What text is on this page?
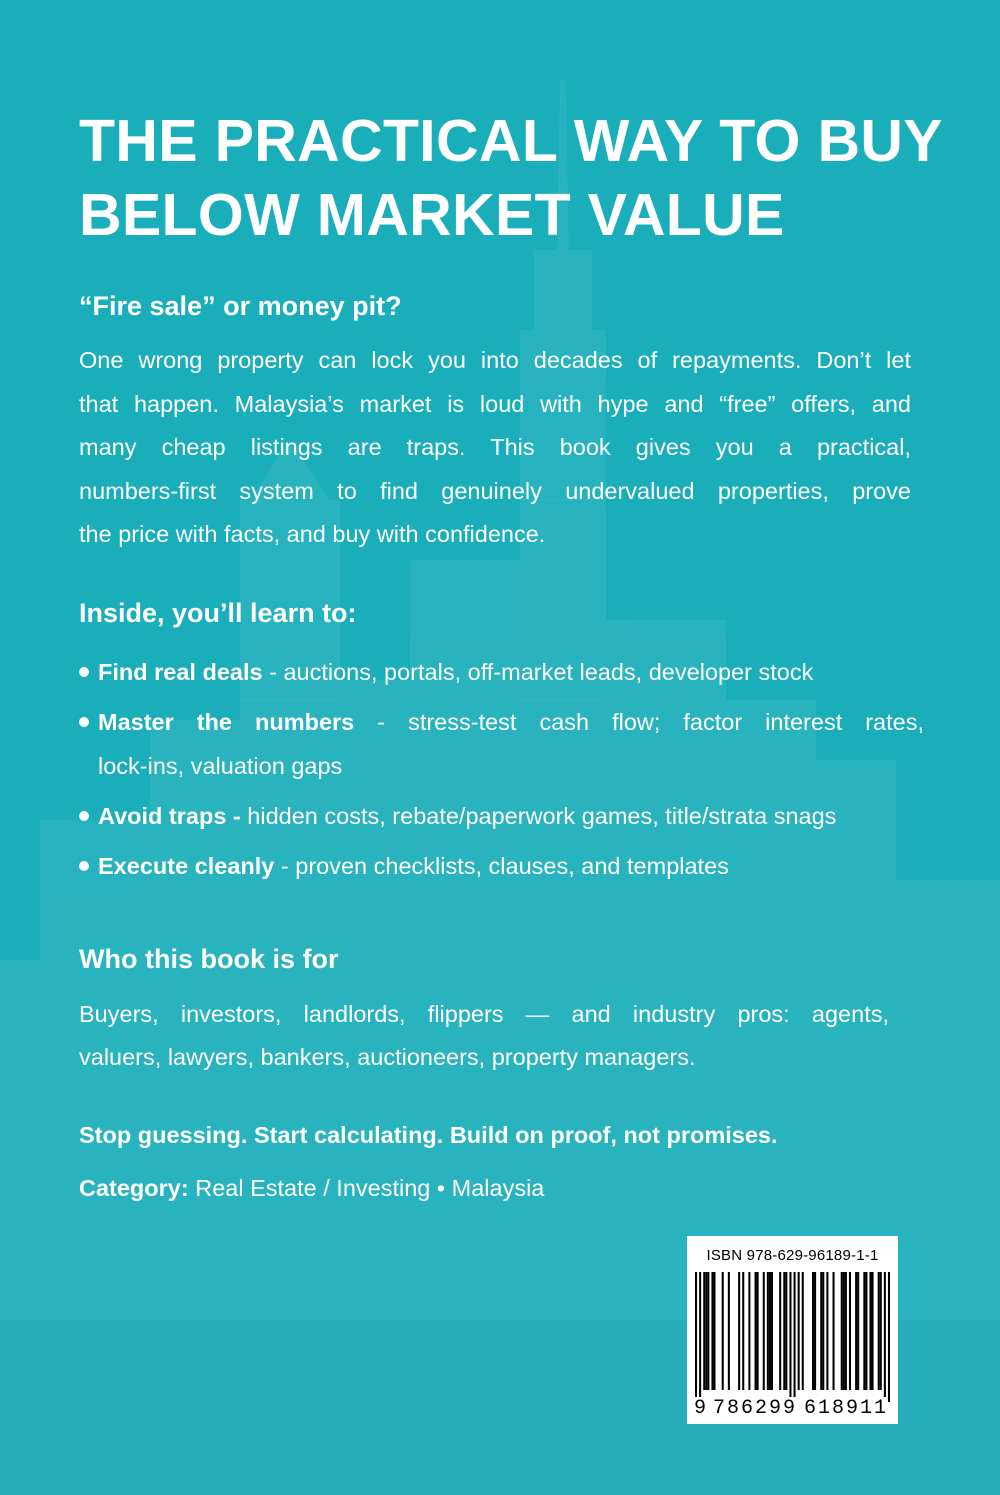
THE PRACTICAL WAY TO BUY
BELOW MARKET VALUE
“Fire sale” or money pit?

One wrong property can lock you into decades of repayments. Don’t let
that happen. Malaysia’s market is loud with hype and “free” offers, and
many cheap listings are traps. This book gives you a practical,
numbers-first system to find genuinely undervalued properties, prove
the price with facts, and buy with confidence.

Inside, you’ll learn to:
Find real deals - auctions, portals, off-market leads, developer stock
Master the numbers - stress-test cash flow; factor interest rates,
lock-ins, valuation gaps
Avoid traps - hidden costs, rebate/paperwork games, title/strata snags
Execute cleanly - proven checklists, clauses, and templates
Who this book is for

Buyers, investors, landlords, flippers — and industry pros: agents,
valuers, lawyers, bankers, auctioneers, property managers.

Stop guessing. Start calculating. Build on proof, not promises.

Category: Real Estate / Investing • Malaysia

ISBN 978-629-96189-1-1
9 7 8 6 2 9 9 6 1 8 9 1 1
